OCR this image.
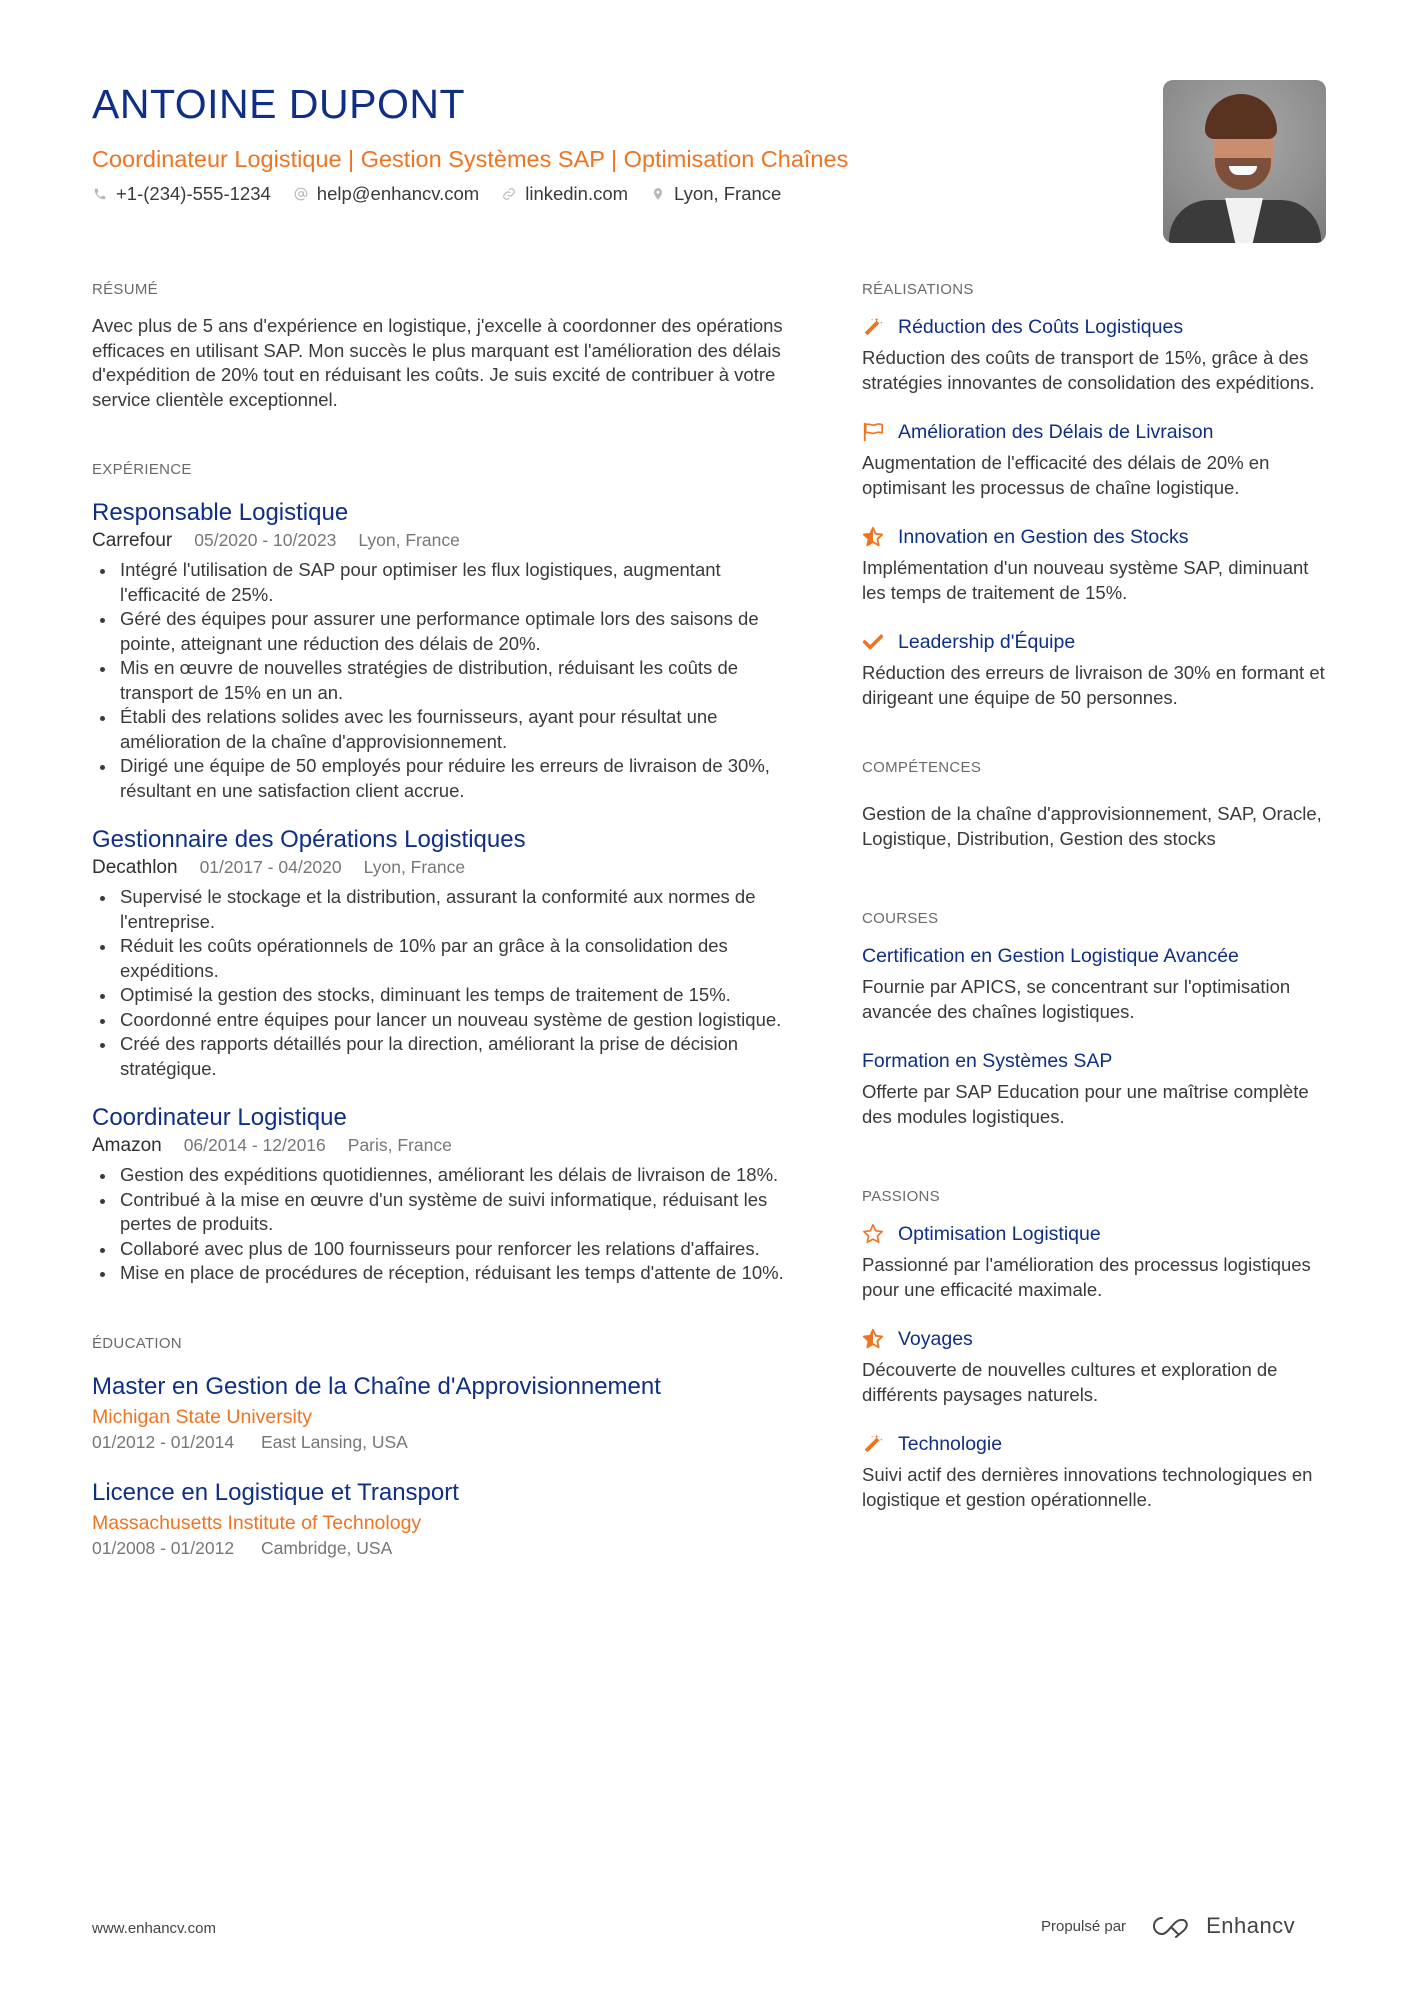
ANTOINE DUPONT
Coordinateur Logistique | Gestion Systèmes SAP | Optimisation Chaînes
+1-(234)-555-1234 help@enhancv.com linkedin.com Lyon, France
RÉSUMÉ

Avec plus de 5 ans d'expérience en logistique, j'excelle à coordonner des opérations efficaces en utilisant SAP. Mon succès le plus marquant est l'amélioration des délais d'expédition de 20% tout en réduisant les coûts. Je suis excité de contribuer à votre service clientèle exceptionnel.

EXPÉRIENCE
Responsable Logistique
Carrefour 05/2020 - 10/2023 Lyon, France
Intégré l'utilisation de SAP pour optimiser les flux logistiques, augmentant l'efficacité de 25%.
Géré des équipes pour assurer une performance optimale lors des saisons de pointe, atteignant une réduction des délais de 20%.
Mis en œuvre de nouvelles stratégies de distribution, réduisant les coûts de transport de 15% en un an.
Établi des relations solides avec les fournisseurs, ayant pour résultat une amélioration de la chaîne d'approvisionnement.
Dirigé une équipe de 50 employés pour réduire les erreurs de livraison de 30%, résultant en une satisfaction client accrue.
Gestionnaire des Opérations Logistiques
Decathlon 01/2017 - 04/2020 Lyon, France
Supervisé le stockage et la distribution, assurant la conformité aux normes de l'entreprise.
Réduit les coûts opérationnels de 10% par an grâce à la consolidation des expéditions.
Optimisé la gestion des stocks, diminuant les temps de traitement de 15%.
Coordonné entre équipes pour lancer un nouveau système de gestion logistique.
Créé des rapports détaillés pour la direction, améliorant la prise de décision stratégique.
Coordinateur Logistique
Amazon 06/2014 - 12/2016 Paris, France
Gestion des expéditions quotidiennes, améliorant les délais de livraison de 18%.
Contribué à la mise en œuvre d'un système de suivi informatique, réduisant les pertes de produits.
Collaboré avec plus de 100 fournisseurs pour renforcer les relations d'affaires.
Mise en place de procédures de réception, réduisant les temps d'attente de 10%.
ÉDUCATION
Master en Gestion de la Chaîne d'Approvisionnement
Michigan State University
01/2012 - 01/2014 East Lansing, USA
Licence en Logistique et Transport
Massachusetts Institute of Technology
01/2008 - 01/2012 Cambridge, USA
RÉALISATIONS
Réduction des Coûts Logistiques

Réduction des coûts de transport de 15%, grâce à des stratégies innovantes de consolidation des expéditions.

Amélioration des Délais de Livraison

Augmentation de l'efficacité des délais de 20% en optimisant les processus de chaîne logistique.

Innovation en Gestion des Stocks

Implémentation d'un nouveau système SAP, diminuant les temps de traitement de 15%.

Leadership d'Équipe

Réduction des erreurs de livraison de 30% en formant et dirigeant une équipe de 50 personnes.

COMPÉTENCES

Gestion de la chaîne d'approvisionnement, SAP, Oracle, Logistique, Distribution, Gestion des stocks

COURSES
Certification en Gestion Logistique Avancée

Fournie par APICS, se concentrant sur l'optimisation avancée des chaînes logistiques.

Formation en Systèmes SAP

Offerte par SAP Education pour une maîtrise complète des modules logistiques.

PASSIONS
Optimisation Logistique

Passionné par l'amélioration des processus logistiques pour une efficacité maximale.

Voyages

Découverte de nouvelles cultures et exploration de différents paysages naturels.

Technologie

Suivi actif des dernières innovations technologiques en logistique et gestion opérationnelle.

www.enhancv.com	Propulsé par	Enhancv
